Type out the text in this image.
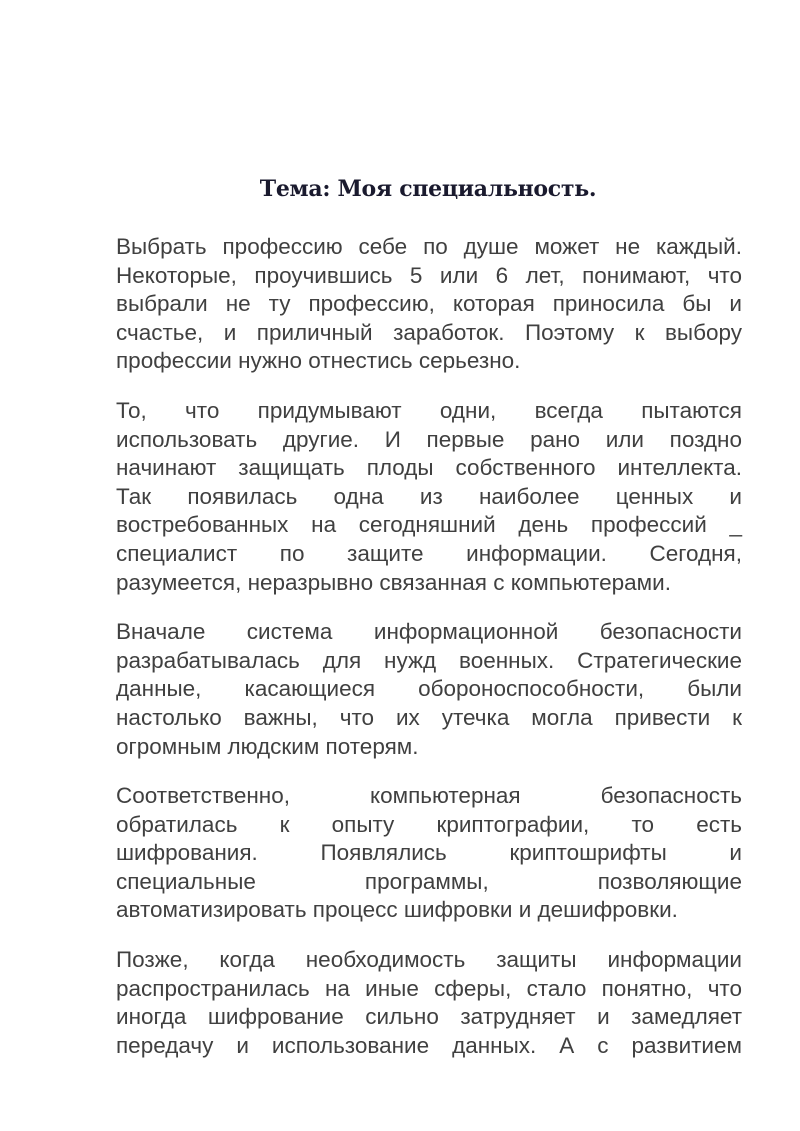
Тема: Моя специальность.

Выбрать профессию себе по душе может не каждый.
Некоторые, проучившись 5 или 6 лет, понимают, что
выбрали не ту профессию, которая приносила бы и
счастье, и приличный заработок. Поэтому к выбору
профессии нужно отнестись серьезно.

То, что придумывают одни, всегда пытаются
использовать другие. И первые рано или поздно
начинают защищать плоды собственного интеллекта.
Так появилась одна из наиболее ценных и
востребованных на сегодняшний день профессий _
специалист по защите информации. Сегодня,
разумеется, неразрывно связанная с компьютерами.

Вначале система информационной безопасности
разрабатывалась для нужд военных. Стратегические
данные, касающиеся обороноспособности, были
настолько важны, что их утечка могла привести к
огромным людским потерям.

Соответственно, компьютерная безопасность
обратилась к опыту криптографии, то есть
шифрования. Появлялись криптошрифты и
специальные программы, позволяющие
автоматизировать процесс шифровки и дешифровки.

Позже, когда необходимость защиты информации
распространилась на иные сферы, стало понятно, что
иногда шифрование сильно затрудняет и замедляет
передачу и использование данных. А с развитием
